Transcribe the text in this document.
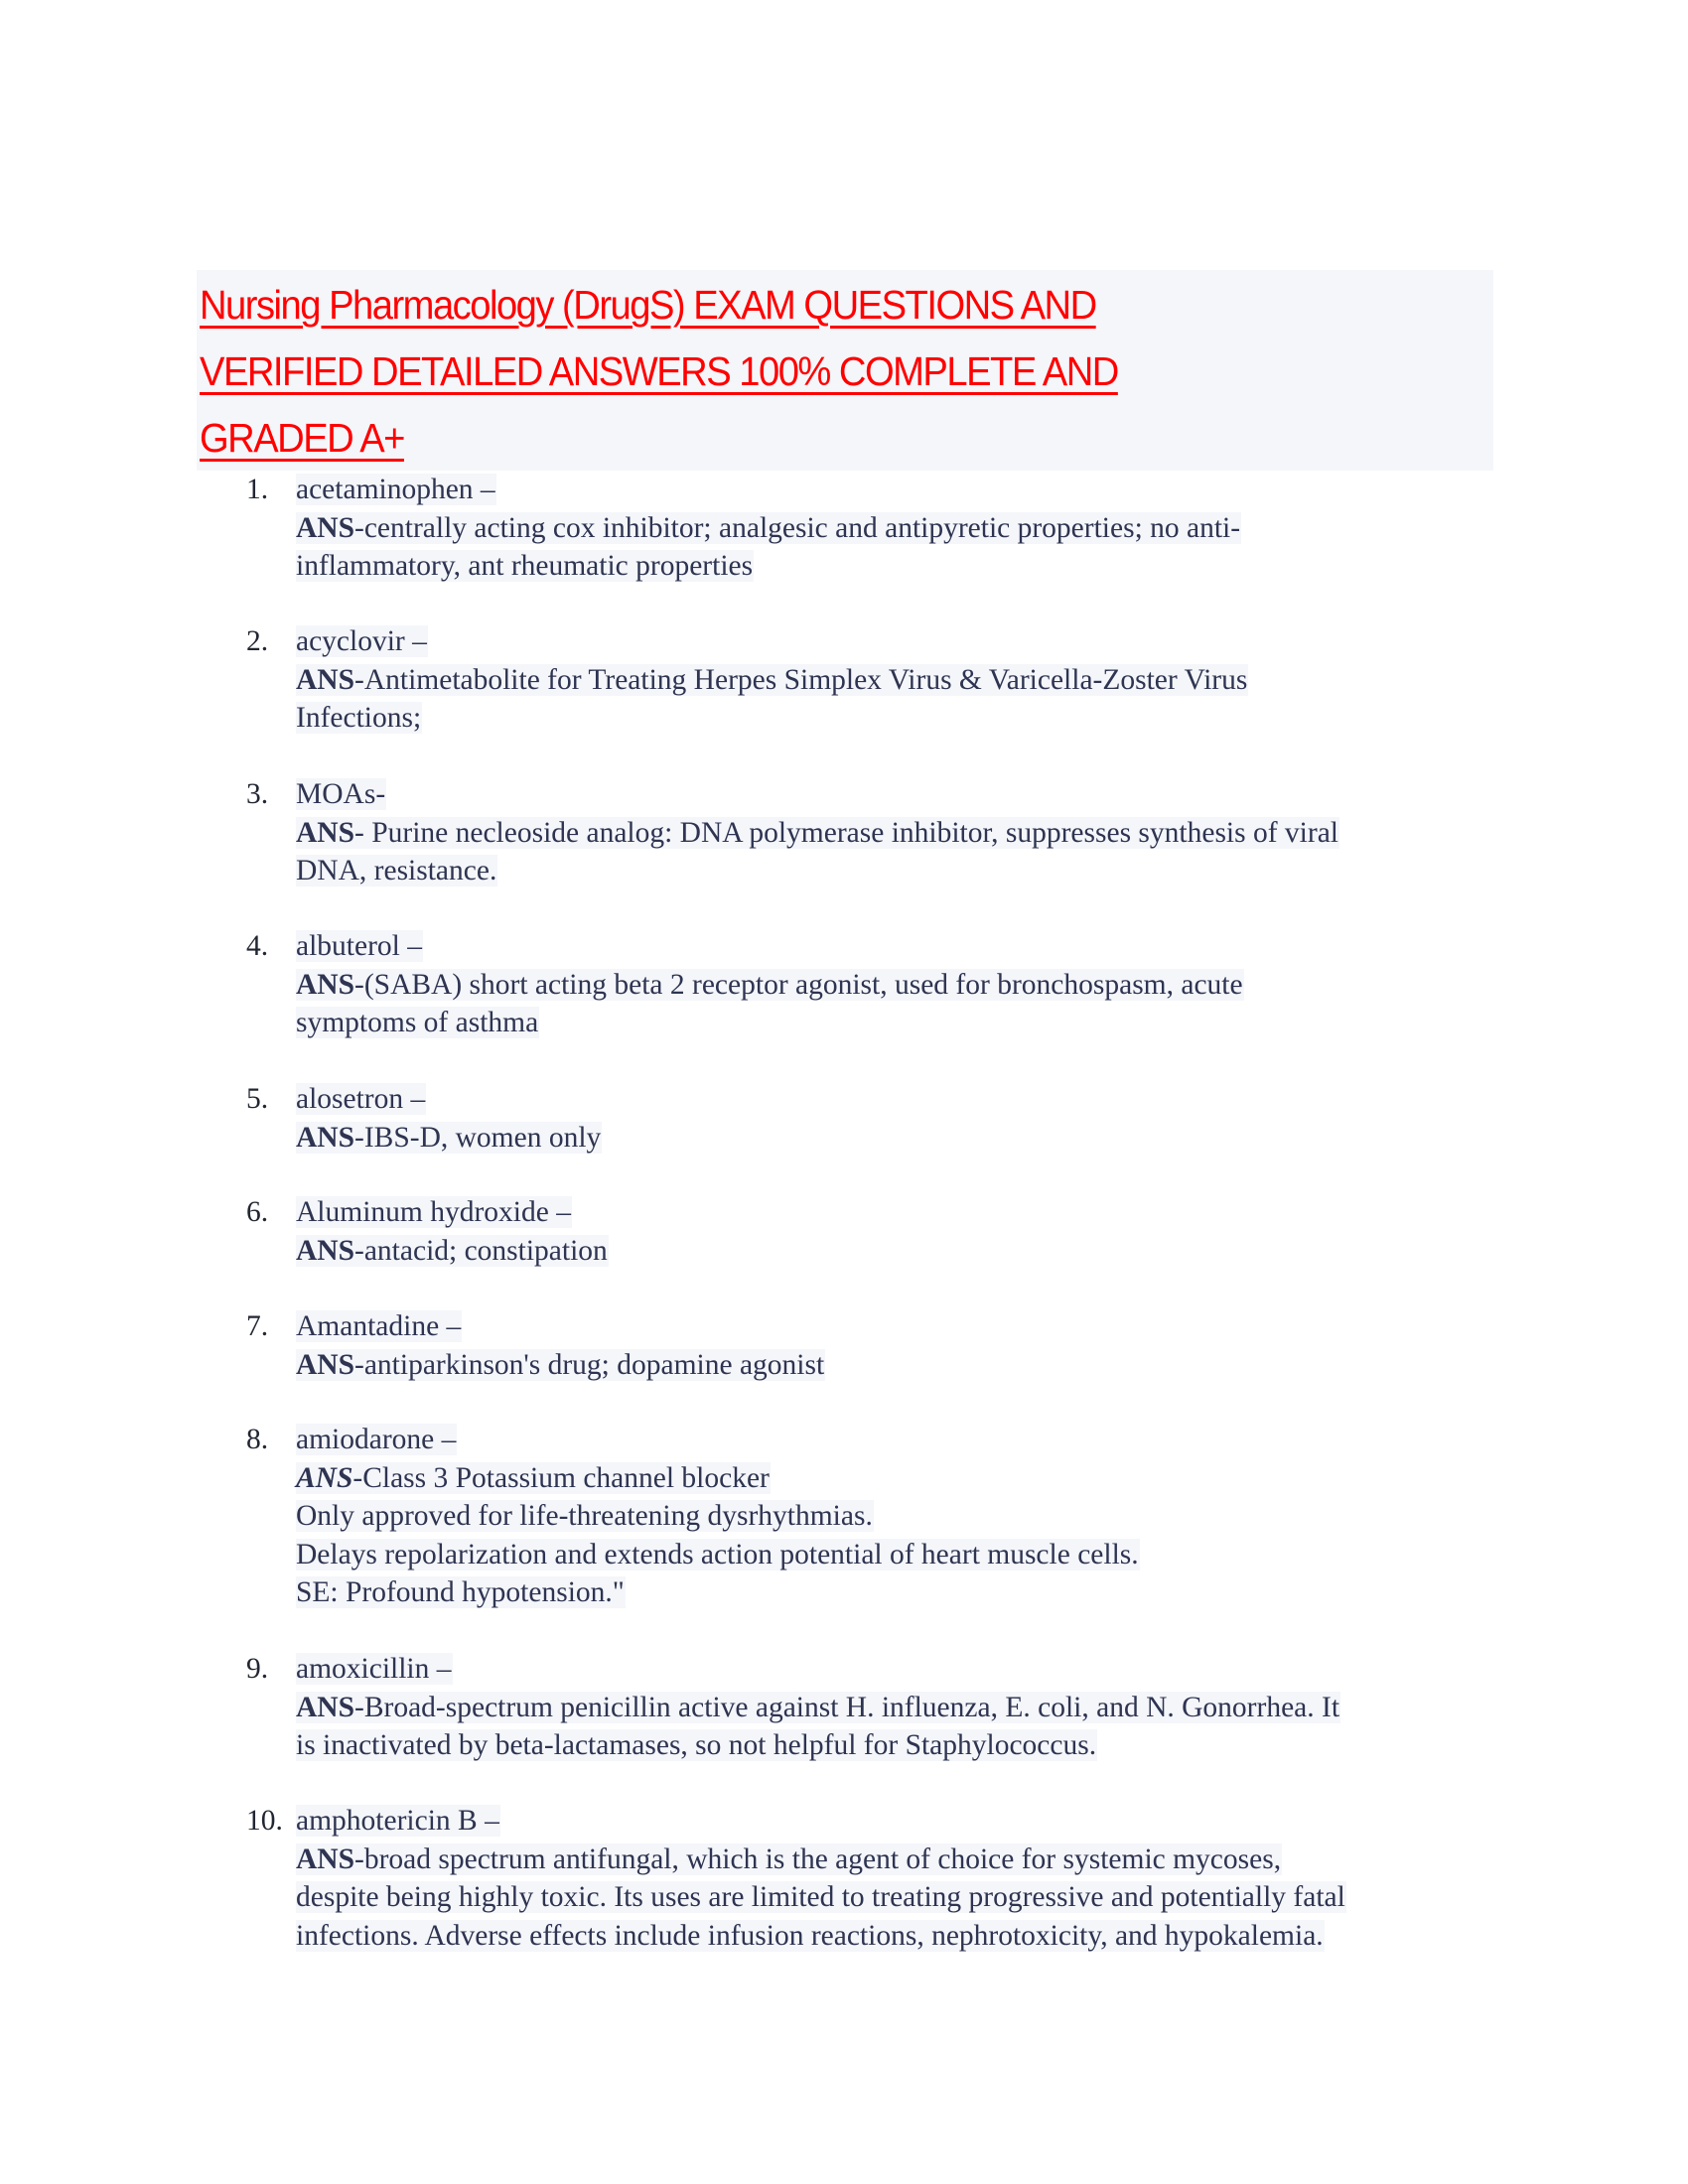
Nursing Pharmacology (DrugS) EXAM QUESTIONS AND
VERIFIED DETAILED ANSWERS 100% COMPLETE AND
GRADED A+
1. acetaminophen –
ANS-centrally acting cox inhibitor; analgesic and antipyretic properties; no anti-
inflammatory, ant rheumatic properties
2. acyclovir –
ANS-Antimetabolite for Treating Herpes Simplex Virus & Varicella-Zoster Virus
Infections;
3. MOAs-
ANS- Purine necleoside analog: DNA polymerase inhibitor, suppresses synthesis of viral
DNA, resistance.
4. albuterol –
ANS-(SABA) short acting beta 2 receptor agonist, used for bronchospasm, acute
symptoms of asthma
5. alosetron –
ANS-IBS-D, women only
6. Aluminum hydroxide –
ANS-antacid; constipation
7. Amantadine –
ANS-antiparkinson's drug; dopamine agonist
8. amiodarone –
ANS-Class 3 Potassium channel blocker
Only approved for life-threatening dysrhythmias.
Delays repolarization and extends action potential of heart muscle cells.
SE: Profound hypotension."
9. amoxicillin –
ANS-Broad-spectrum penicillin active against H. influenza, E. coli, and N. Gonorrhea. It
is inactivated by beta-lactamases, so not helpful for Staphylococcus.
10. amphotericin B –
ANS-broad spectrum antifungal, which is the agent of choice for systemic mycoses,
despite being highly toxic. Its uses are limited to treating progressive and potentially fatal
infections. Adverse effects include infusion reactions, nephrotoxicity, and hypokalemia.
